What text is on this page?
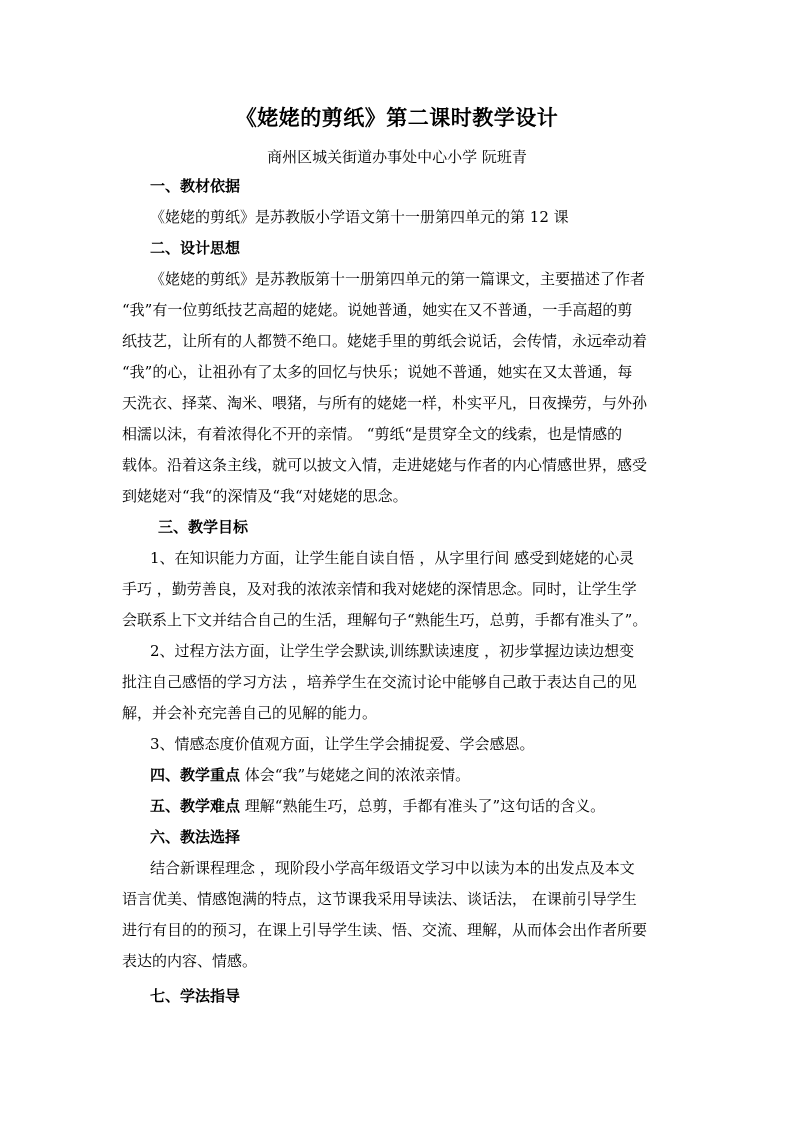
《姥姥的剪纸》第二课时教学设计
商州区城关街道办事处中心小学 阮班青
一、教材依据
《姥姥的剪纸》是苏教版小学语文第十一册第四单元的第 12 课
二、设计思想
《姥姥的剪纸》是苏教版第十一册第四单元的第一篇课文，主要描述了作者
“我”有一位剪纸技艺高超的姥姥。说她普通，她实在又不普通，一手高超的剪
纸技艺，让所有的人都赞不绝口。姥姥手里的剪纸会说话，会传情，永远牵动着
“我”的心，让祖孙有了太多的回忆与快乐；说她不普通，她实在又太普通，每
天洗衣、择菜、淘米、喂猪，与所有的姥姥一样，朴实平凡，日夜操劳，与外孙
相濡以沫，有着浓得化不开的亲情。 “剪纸“是贯穿全文的线索，也是情感的
载体。沿着这条主线，就可以披文入情，走进姥姥与作者的内心情感世界，感受
到姥姥对“我“的深情及“我“对姥姥的思念。
三、教学目标
1、在知识能力方面，让学生能自读自悟 ，从字里行间 感受到姥姥的心灵
手巧 ，勤劳善良，及对我的浓浓亲情和我对姥姥的深情思念。同时，让学生学
会联系上下文并结合自己的生活，理解句子“熟能生巧，总剪，手都有准头了”。
2、过程方法方面，让学生学会默读,训练默读速度 ，初步掌握边读边想变
批注自己感悟的学习方法 ，培养学生在交流讨论中能够自己敢于表达自己的见
解，并会补充完善自己的见解的能力。
3、情感态度价值观方面，让学生学会捕捉爱、学会感恩。
四、教学重点 体会“我”与姥姥之间的浓浓亲情。
五、教学难点 理解“熟能生巧，总剪，手都有准头了”这句话的含义。
六、教法选择
结合新课程理念 ，现阶段小学高年级语文学习中以读为本的出发点及本文
语言优美、情感饱满的特点，这节课我采用导读法、谈话法， 在课前引导学生
进行有目的的预习，在课上引导学生读、悟、交流、理解，从而体会出作者所要
表达的内容、情感。
七、学法指导
